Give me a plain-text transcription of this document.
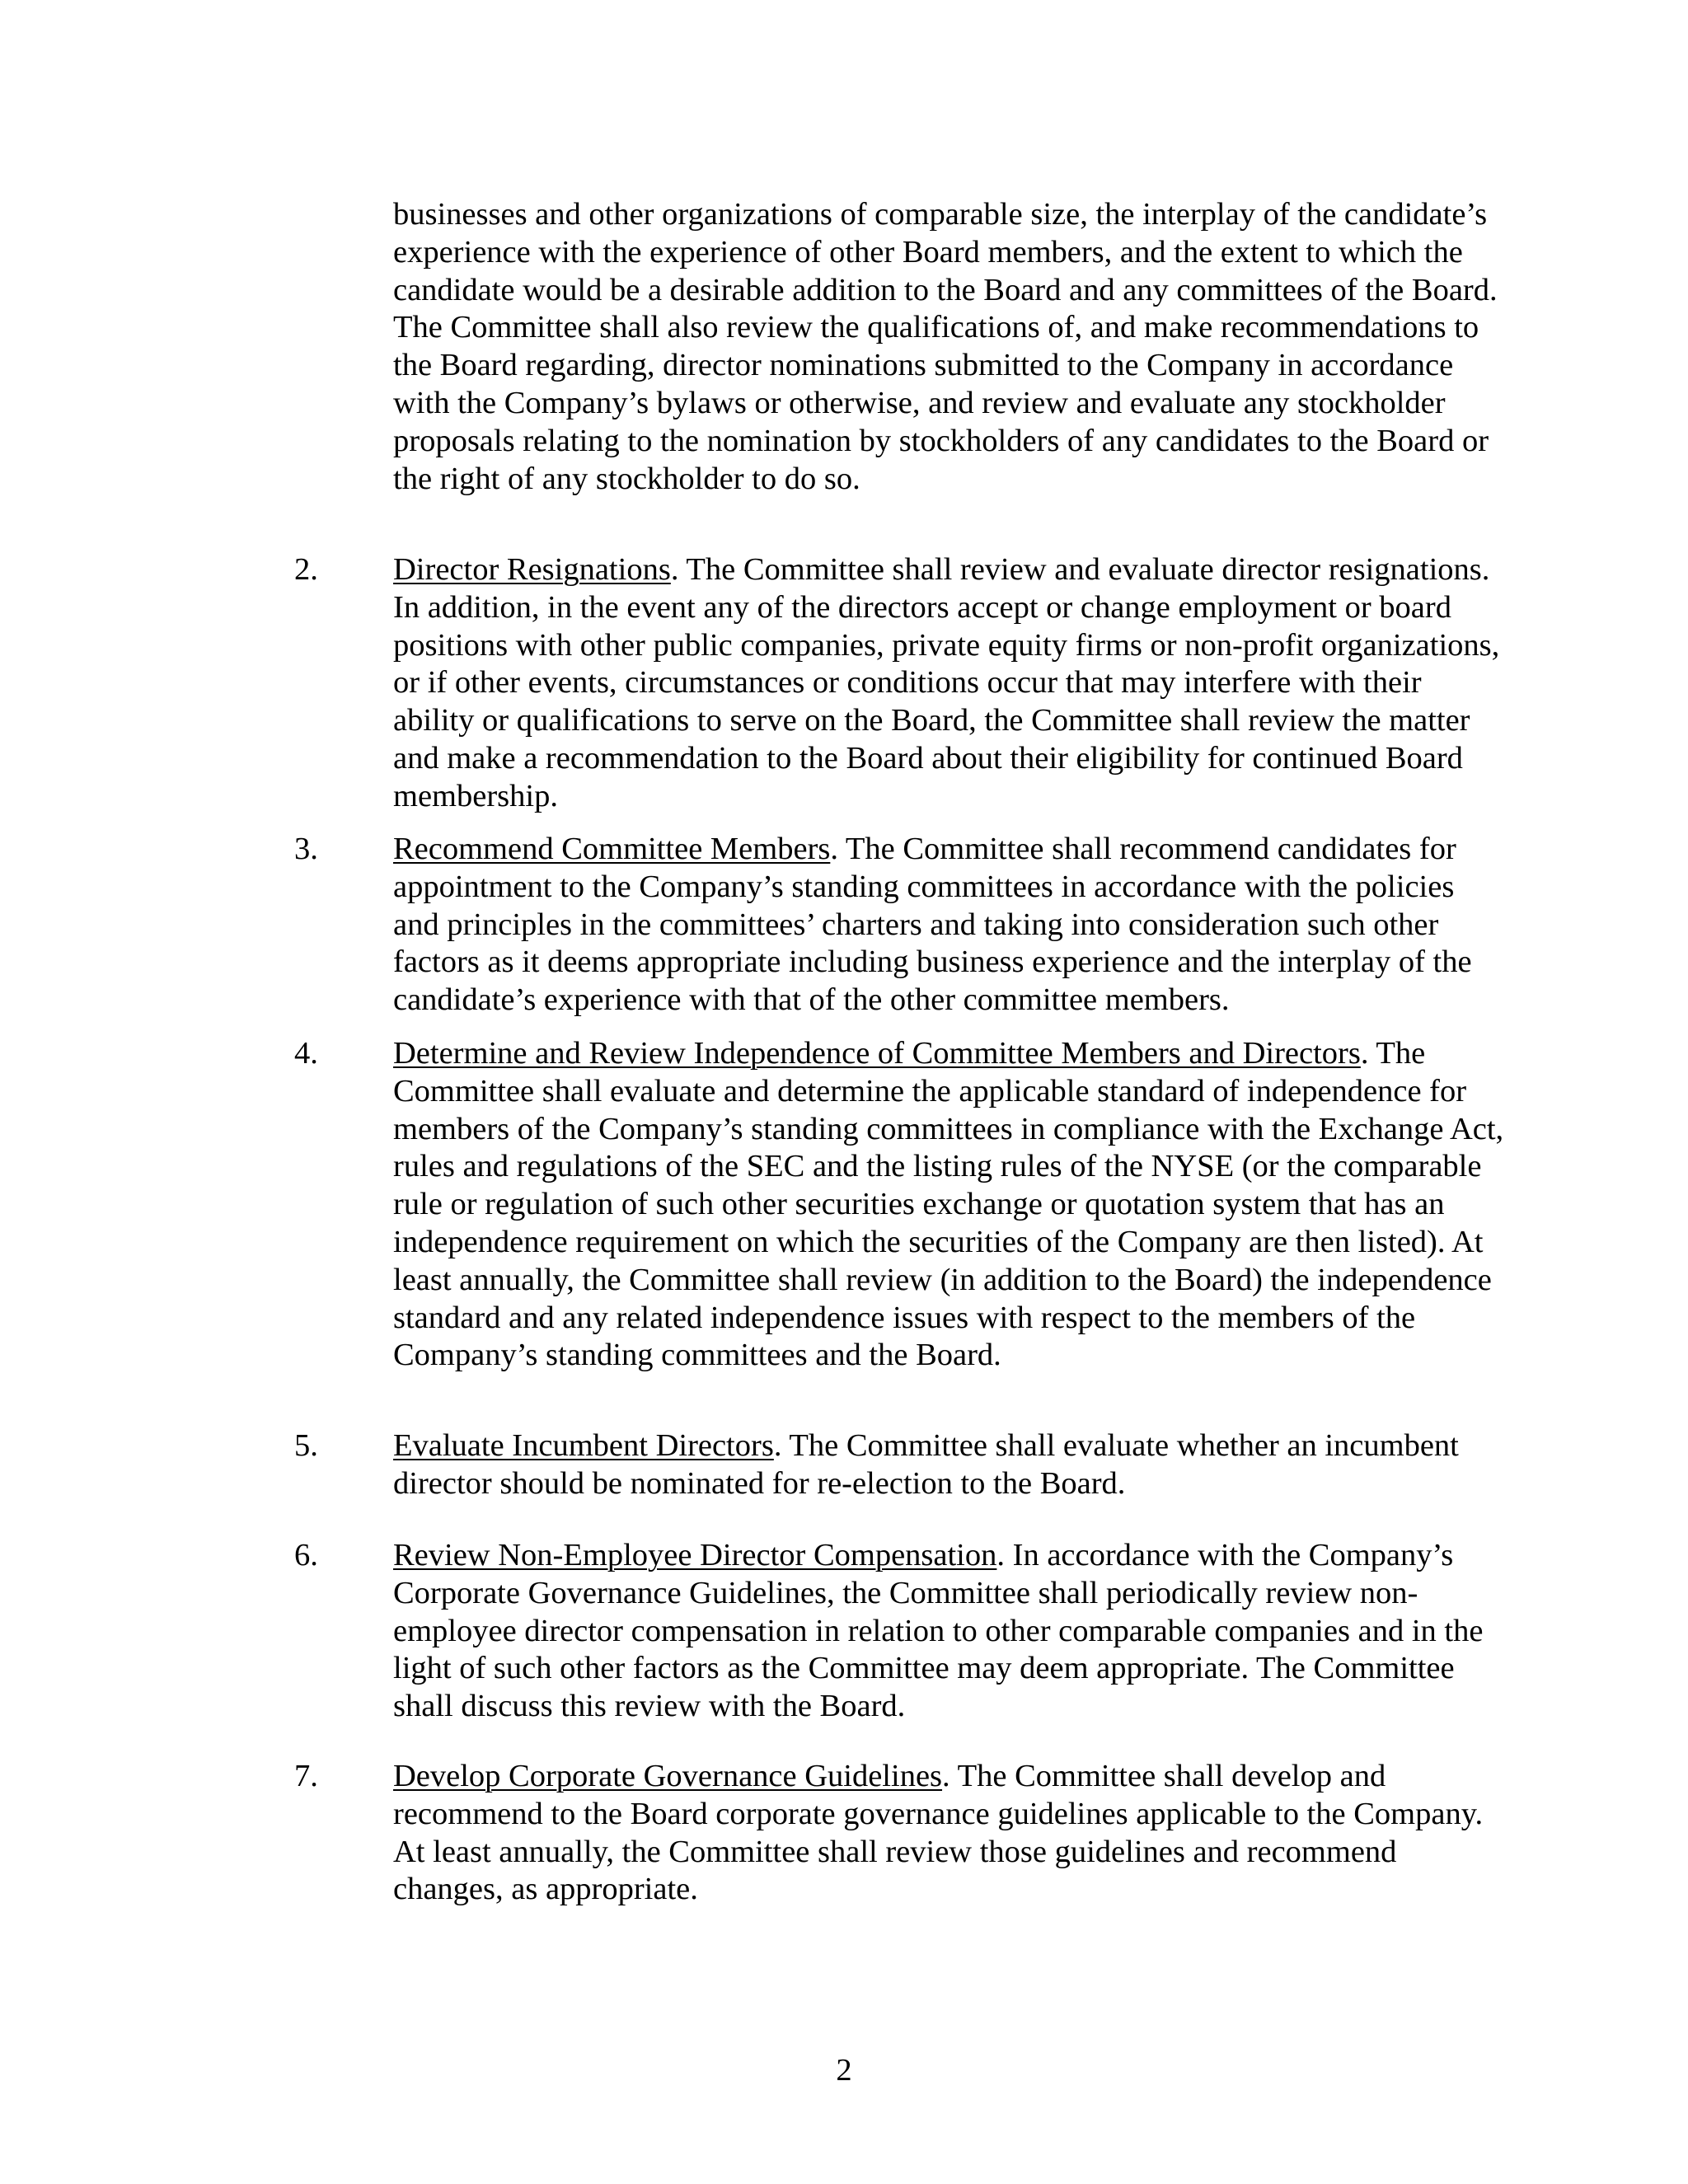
businesses and other organizations of comparable size, the interplay of the candidate’s experience with the experience of other Board members, and the extent to which the candidate would be a desirable addition to the Board and any committees of the Board. The Committee shall also review the qualifications of, and make recommendations to the Board regarding, director nominations submitted to the Company in accordance with the Company’s bylaws or otherwise, and review and evaluate any stockholder proposals relating to the nomination by stockholders of any candidates to the Board or the right of any stockholder to do so.

2. Director Resignations. The Committee shall review and evaluate director resignations. In addition, in the event any of the directors accept or change employment or board positions with other public companies, private equity firms or non-profit organizations, or if other events, circumstances or conditions occur that may interfere with their ability or qualifications to serve on the Board, the Committee shall review the matter and make a recommendation to the Board about their eligibility for continued Board membership.

3. Recommend Committee Members. The Committee shall recommend candidates for appointment to the Company’s standing committees in accordance with the policies and principles in the committees’ charters and taking into consideration such other factors as it deems appropriate including business experience and the interplay of the candidate’s experience with that of the other committee members.

4. Determine and Review Independence of Committee Members and Directors. The Committee shall evaluate and determine the applicable standard of independence for members of the Company’s standing committees in compliance with the Exchange Act, rules and regulations of the SEC and the listing rules of the NYSE (or the comparable rule or regulation of such other securities exchange or quotation system that has an independence requirement on which the securities of the Company are then listed). At least annually, the Committee shall review (in addition to the Board) the independence standard and any related independence issues with respect to the members of the Company’s standing committees and the Board.

5. Evaluate Incumbent Directors. The Committee shall evaluate whether an incumbent director should be nominated for re-election to the Board.

6. Review Non-Employee Director Compensation. In accordance with the Company’s Corporate Governance Guidelines, the Committee shall periodically review non-employee director compensation in relation to other comparable companies and in the light of such other factors as the Committee may deem appropriate. The Committee shall discuss this review with the Board.

7. Develop Corporate Governance Guidelines. The Committee shall develop and recommend to the Board corporate governance guidelines applicable to the Company. At least annually, the Committee shall review those guidelines and recommend changes, as appropriate.

2
